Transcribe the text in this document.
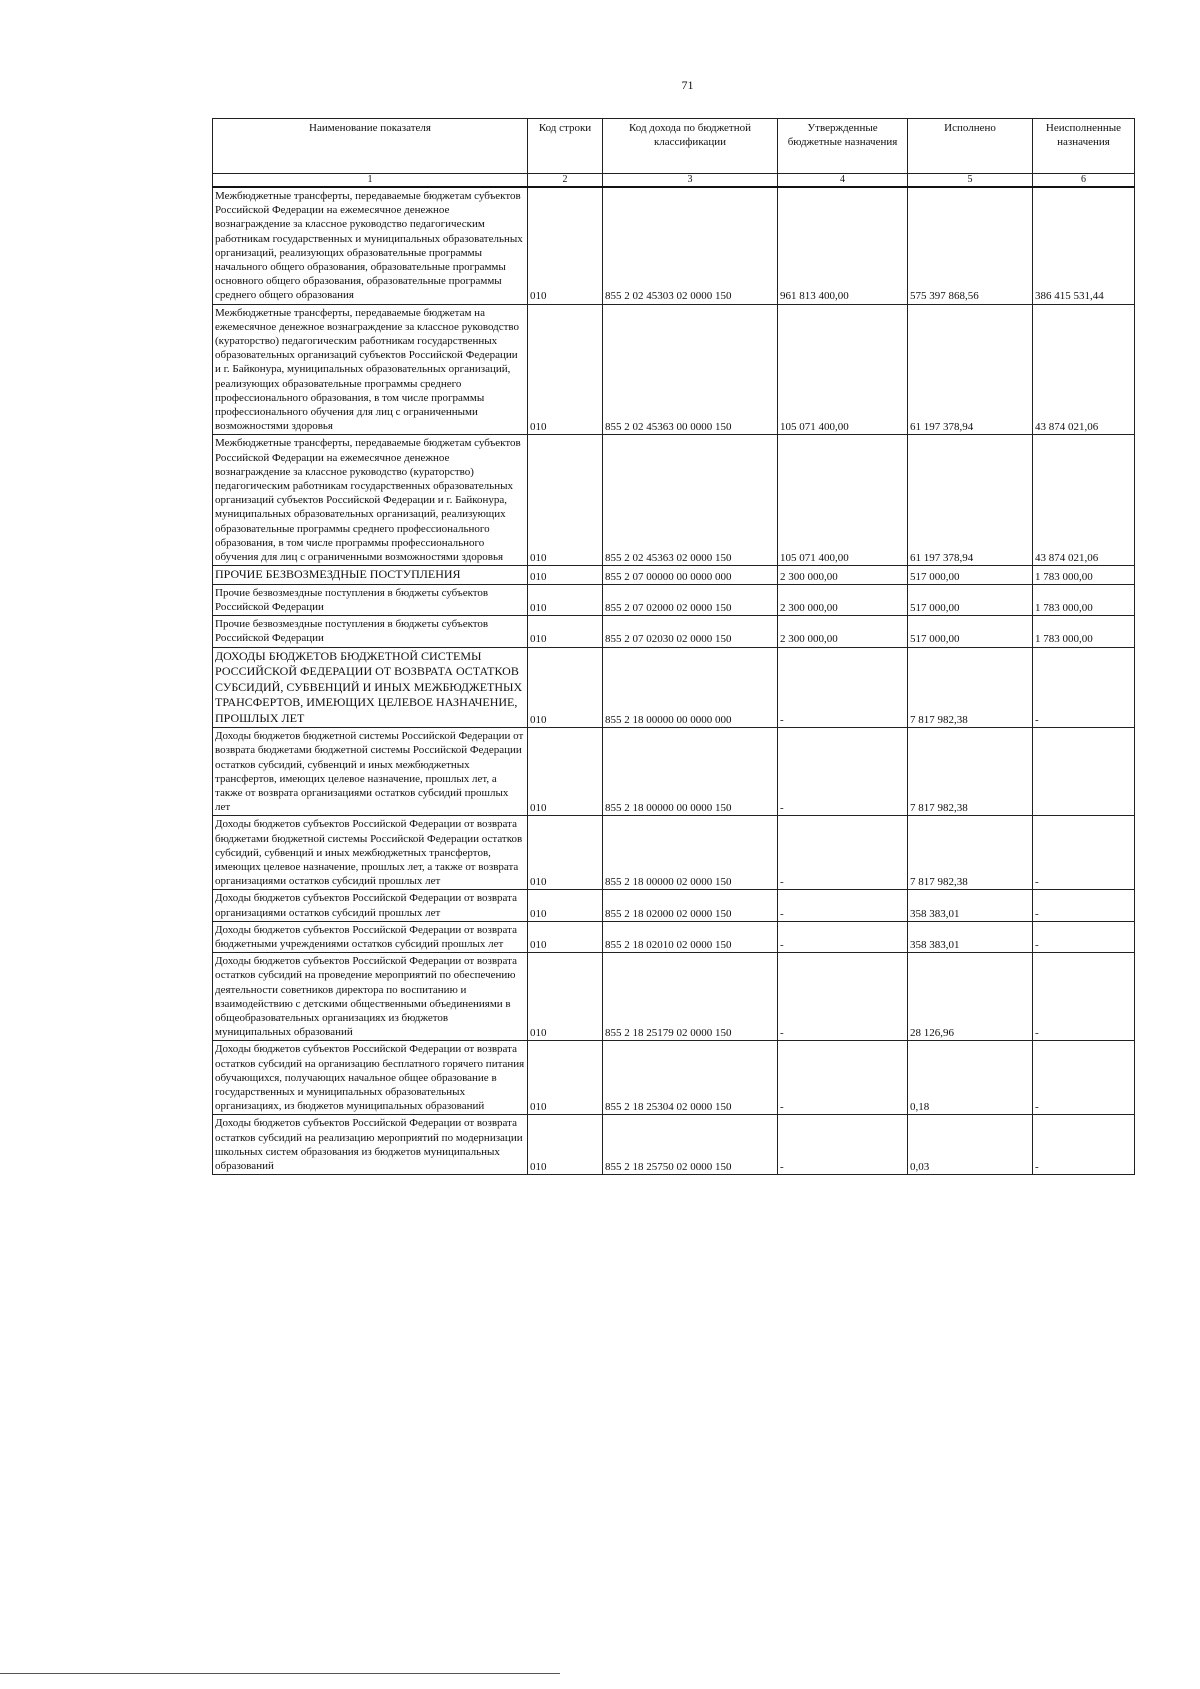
71
Наименование показателя	Код строки	Код дохода по бюджетной классификации	Утвержденные бюджетные назначения	Исполнено	Неисполненные назначения
1	2	3	4	5	6
Межбюджетные трансферты, передаваемые бюджетам субъектов Российской Федерации на ежемесячное денежное вознаграждение за классное руководство педагогическим работникам государственных и муниципальных образовательных организаций, реализующих образовательные программы начального общего образования, образовательные программы основного общего образования, образовательные программы среднего общего образования	010	855 2 02 45303 02 0000 150	961 813 400,00	575 397 868,56	386 415 531,44
Межбюджетные трансферты, передаваемые бюджетам на ежемесячное денежное вознаграждение за классное руководство (кураторство) педагогическим работникам государственных образовательных организаций субъектов Российской Федерации и г. Байконура, муниципальных образовательных организаций, реализующих образовательные программы среднего профессионального образования, в том числе программы профессионального обучения для лиц с ограниченными возможностями здоровья	010	855 2 02 45363 00 0000 150	105 071 400,00	61 197 378,94	43 874 021,06
Межбюджетные трансферты, передаваемые бюджетам субъектов Российской Федерации на ежемесячное денежное вознаграждение за классное руководство (кураторство) педагогическим работникам государственных образовательных организаций субъектов Российской Федерации и г. Байконура, муниципальных образовательных организаций, реализующих образовательные программы среднего профессионального образования, в том числе программы профессионального обучения для лиц с ограниченными возможностями здоровья	010	855 2 02 45363 02 0000 150	105 071 400,00	61 197 378,94	43 874 021,06
ПРОЧИЕ БЕЗВОЗМЕЗДНЫЕ ПОСТУПЛЕНИЯ	010	855 2 07 00000 00 0000 000	2 300 000,00	517 000,00	1 783 000,00
Прочие безвозмездные поступления в бюджеты субъектов Российской Федерации	010	855 2 07 02000 02 0000 150	2 300 000,00	517 000,00	1 783 000,00
Прочие безвозмездные поступления в бюджеты субъектов Российской Федерации	010	855 2 07 02030 02 0000 150	2 300 000,00	517 000,00	1 783 000,00
ДОХОДЫ БЮДЖЕТОВ БЮДЖЕТНОЙ СИСТЕМЫ РОССИЙСКОЙ ФЕДЕРАЦИИ ОТ ВОЗВРАТА ОСТАТКОВ СУБСИДИЙ, СУБВЕНЦИЙ И ИНЫХ МЕЖБЮДЖЕТНЫХ ТРАНСФЕРТОВ, ИМЕЮЩИХ ЦЕЛЕВОЕ НАЗНАЧЕНИЕ, ПРОШЛЫХ ЛЕТ	010	855 2 18 00000 00 0000 000	-	7 817 982,38	-
Доходы бюджетов бюджетной системы Российской Федерации от возврата бюджетами бюджетной системы Российской Федерации остатков субсидий, субвенций и иных межбюджетных трансфертов, имеющих целевое назначение, прошлых лет, а также от возврата организациями остатков субсидий прошлых лет	010	855 2 18 00000 00 0000 150	-	7 817 982,38	
Доходы бюджетов субъектов Российской Федерации от возврата бюджетами бюджетной системы Российской Федерации остатков субсидий, субвенций и иных межбюджетных трансфертов, имеющих целевое назначение, прошлых лет, а также от возврата организациями остатков субсидий прошлых лет	010	855 2 18 00000 02 0000 150	-	7 817 982,38	-
Доходы бюджетов субъектов Российской Федерации от возврата организациями остатков субсидий прошлых лет	010	855 2 18 02000 02 0000 150	-	358 383,01	-
Доходы бюджетов субъектов Российской Федерации от возврата бюджетными учреждениями остатков субсидий прошлых лет	010	855 2 18 02010 02 0000 150	-	358 383,01	-
Доходы бюджетов субъектов Российской Федерации от возврата остатков субсидий на проведение мероприятий по обеспечению деятельности советников директора по воспитанию и взаимодействию с детскими общественными объединениями в общеобразовательных организациях из бюджетов муниципальных образований	010	855 2 18 25179 02 0000 150	-	28 126,96	-
Доходы бюджетов субъектов Российской Федерации от возврата остатков субсидий на организацию бесплатного горячего питания обучающихся, получающих начальное общее образование в государственных и муниципальных образовательных организациях, из бюджетов муниципальных образований	010	855 2 18 25304 02 0000 150	-	0,18	-
Доходы бюджетов субъектов Российской Федерации от возврата остатков субсидий на реализацию мероприятий по модернизации школьных систем образования из бюджетов муниципальных образований	010	855 2 18 25750 02 0000 150	-	0,03	-
